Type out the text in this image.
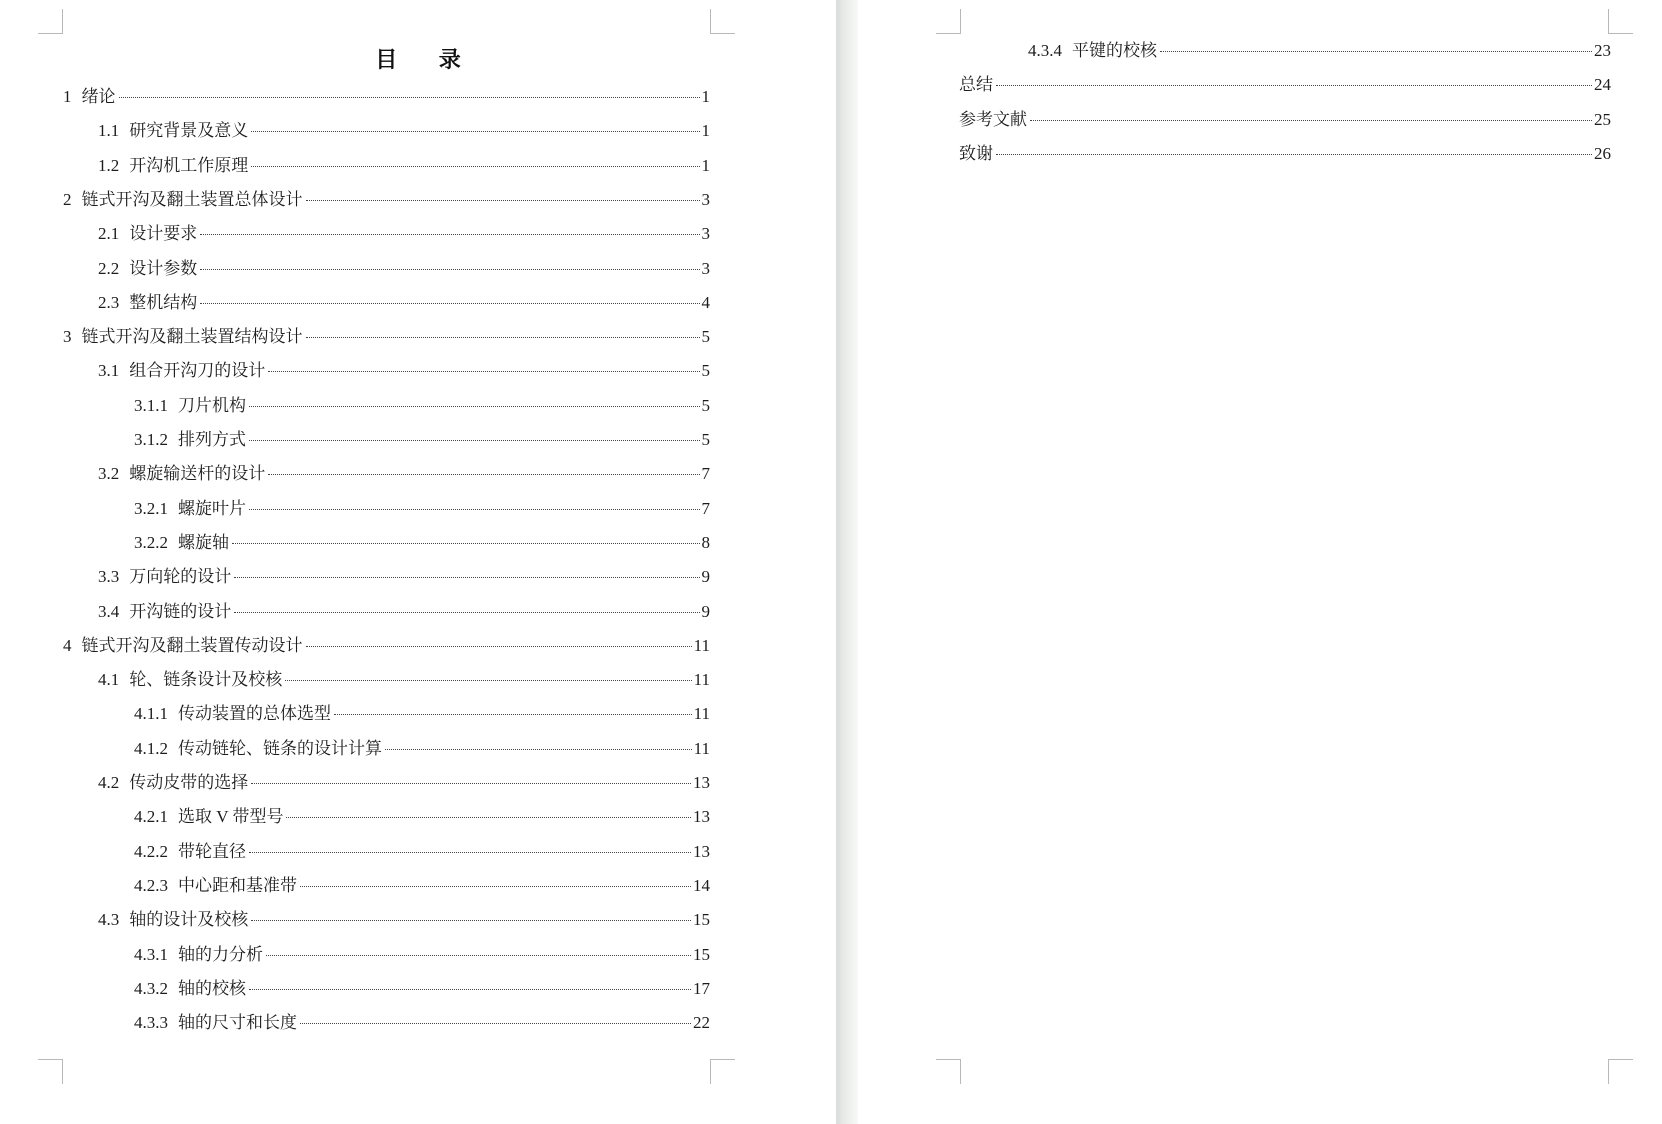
目 录
1 绪论	1
1.1 研究背景及意义	1
1.2 开沟机工作原理	1
2 链式开沟及翻土装置总体设计	3
2.1 设计要求	3
2.2 设计参数	3
2.3 整机结构	4
3 链式开沟及翻土装置结构设计	5
3.1 组合开沟刀的设计	5
3.1.1 刀片机构	5
3.1.2 排列方式	5
3.2 螺旋输送杆的设计	7
3.2.1 螺旋叶片	7
3.2.2 螺旋轴	8
3.3 万向轮的设计	9
3.4 开沟链的设计	9
4 链式开沟及翻土装置传动设计	11
4.1 轮、链条设计及校核	11
4.1.1 传动装置的总体选型	11
4.1.2 传动链轮、链条的设计计算	11
4.2 传动皮带的选择	13
4.2.1 选取 V 带型号	13
4.2.2 带轮直径	13
4.2.3 中心距和基准带	14
4.3 轴的设计及校核	15
4.3.1 轴的力分析	15
4.3.2 轴的校核	17
4.3.3 轴的尺寸和长度	22
4.3.4 平键的校核	23
总结	24
参考文献	25
致谢	26
